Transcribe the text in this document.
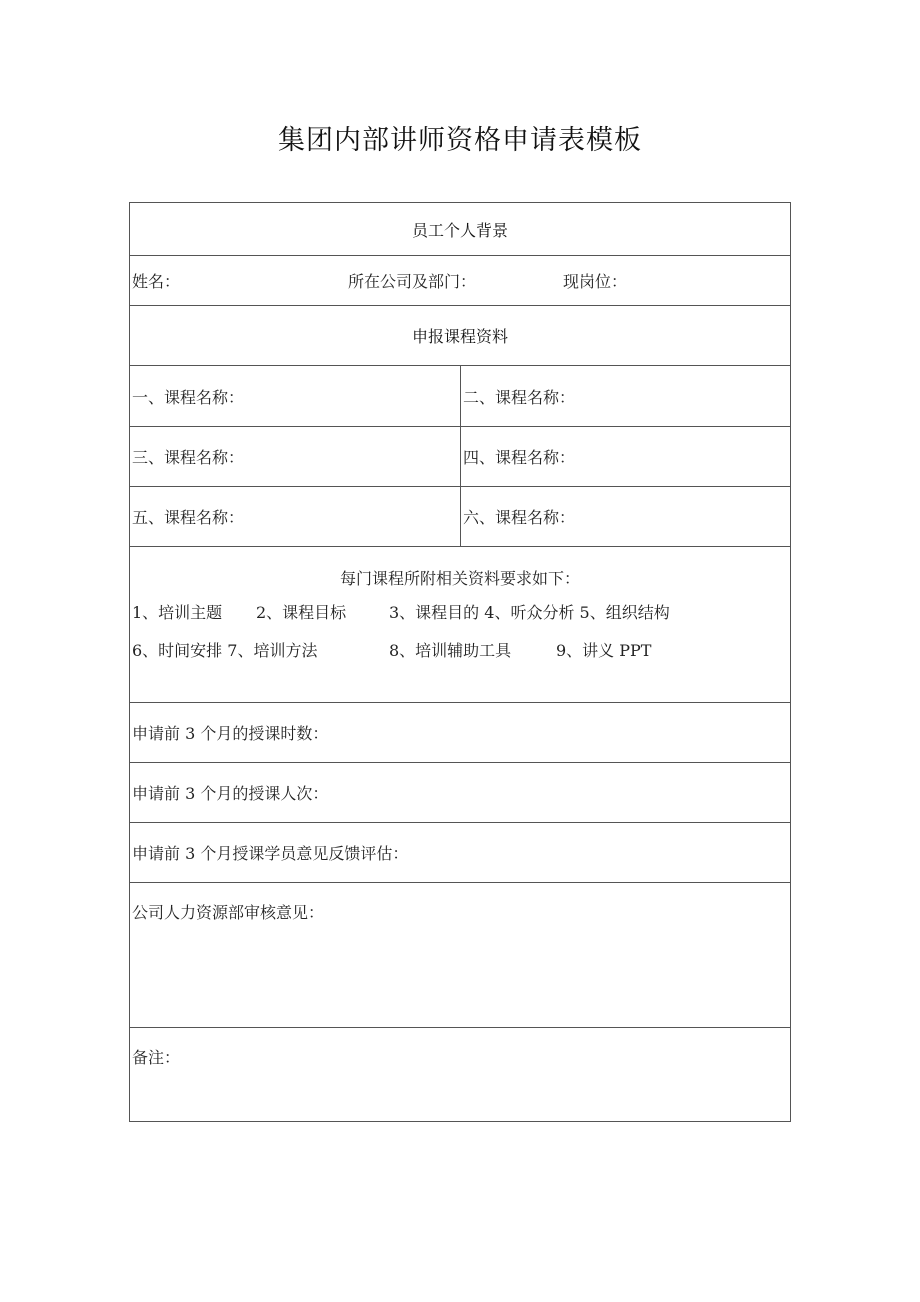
集团内部讲师资格申请表模板
员工个人背景	
姓名： 所在公司及部门： 现岗位：	
申报课程资料	
一、课程名称：	二、课程名称：
三、课程名称：	四、课程名称：
五、课程名称：	六、课程名称：

每门课程所附相关资料要求如下：
1、培训主题 2、课程目标 3、课程目的 4、听众分析 5、组织结构
6、时间安排 7、培训方法 8、培训辅助工具 9、讲义 PPT	

申请前 3 个月的授课时数：	
申请前 3 个月的授课人次：	
申请前 3 个月授课学员意见反馈评估：	
公司人力资源部审核意见：	
备注：	
